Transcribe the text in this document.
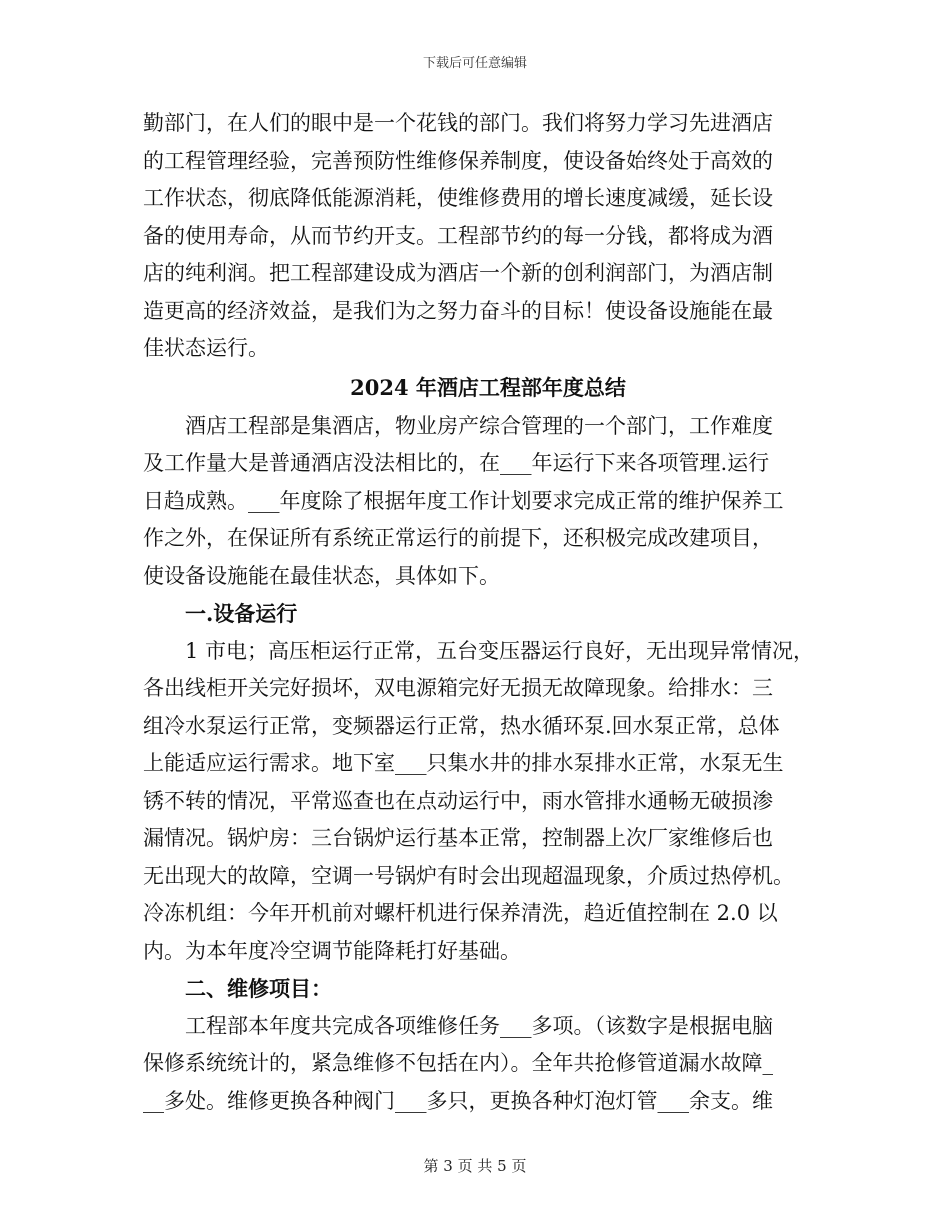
下载后可任意编辑
勤部门，在人们的眼中是一个花钱的部门。我们将努力学习先进酒店
的工程管理经验，完善预防性维修保养制度，使设备始终处于高效的
工作状态，彻底降低能源消耗，使维修费用的增长速度减缓，延长设
备的使用寿命，从而节约开支。工程部节约的每一分钱，都将成为酒
店的纯利润。把工程部建设成为酒店一个新的创利润部门，为酒店制
造更高的经济效益，是我们为之努力奋斗的目标！使设备设施能在最
佳状态运行。
2024 年酒店工程部年度总结
酒店工程部是集酒店，物业房产综合管理的一个部门，工作难度
及工作量大是普通酒店没法相比的，在___年运行下来各项管理.运行
日趋成熟。___年度除了根据年度工作计划要求完成正常的维护保养工
作之外，在保证所有系统正常运行的前提下，还积极完成改建项目，
使设备设施能在最佳状态，具体如下。
一.设备运行
1 市电；高压柜运行正常，五台变压器运行良好，无出现异常情况，
各出线柜开关完好损坏，双电源箱完好无损无故障现象。给排水：三
组冷水泵运行正常，变频器运行正常，热水循环泵.回水泵正常，总体
上能适应运行需求。地下室___只集水井的排水泵排水正常，水泵无生
锈不转的情况，平常巡查也在点动运行中，雨水管排水通畅无破损渗
漏情况。锅炉房：三台锅炉运行基本正常，控制器上次厂家维修后也
无出现大的故障，空调一号锅炉有时会出现超温现象，介质过热停机。
冷冻机组：今年开机前对螺杆机进行保养清洗，趋近值控制在 2.0 以
内。为本年度冷空调节能降耗打好基础。
二、维修项目：
工程部本年度共完成各项维修任务___多项。（该数字是根据电脑
保修系统统计的，紧急维修不包括在内）。全年共抢修管道漏水故障_
__多处。维修更换各种阀门___多只，更换各种灯泡灯管___余支。维
第 3 页 共 5 页
